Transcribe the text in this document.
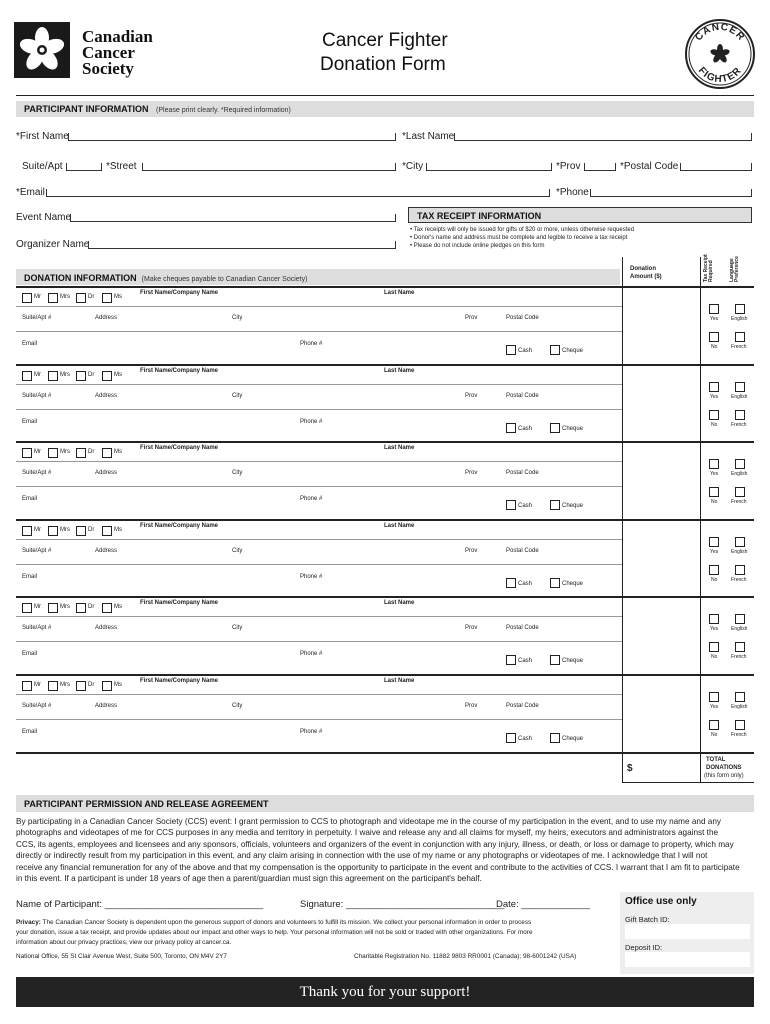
Canadian
Cancer
Society
Cancer Fighter
Donation Form
CANCER
FIGHTER
PARTICIPANT INFORMATION (Please print clearly. *Required information)
*First Name	*Last Name
Suite/Apt	*Street	*City	*Prov	*Postal Code
*Email	*Phone
Event Name
Organizer Name
TAX RECEIPT INFORMATION
• Tax receipts will only be issued for gifts of $20 or more, unless otherwise requested
• Donor's name and address must be complete and legible to receive a tax receipt
• Please do not include online pledges on this form
DONATION INFORMATION (Make cheques payable to Canadian Cancer Society)
Donation
Amount ($)	Tax Receipt Required	Language Preference
Mr	Mrs	Dr	Ms
First Name/Company Name	Last Name
Suite/Apt #	Address	City	Prov	Postal Code
Email	Phone #
Cash	Cheque
Yes	English
No	French
Mr	Mrs	Dr	Ms
First Name/Company Name	Last Name
Suite/Apt #	Address	City	Prov	Postal Code
Email	Phone #
Cash	Cheque
Yes	English
No	French
Mr	Mrs	Dr	Ms
First Name/Company Name	Last Name
Suite/Apt #	Address	City	Prov	Postal Code
Email	Phone #
Cash	Cheque
Yes	English
No	French
Mr	Mrs	Dr	Ms
First Name/Company Name	Last Name
Suite/Apt #	Address	City	Prov	Postal Code
Email	Phone #
Cash	Cheque
Yes	English
No	French
Mr	Mrs	Dr	Ms
First Name/Company Name	Last Name
Suite/Apt #	Address	City	Prov	Postal Code
Email	Phone #
Cash	Cheque
Yes	English
No	French
Mr	Mrs	Dr	Ms
First Name/Company Name	Last Name
Suite/Apt #	Address	City	Prov	Postal Code
Email	Phone #
Cash	Cheque
Yes	English
No	French
$
TOTAL
DONATIONS
(this form only)
PARTICIPANT PERMISSION AND RELEASE AGREEMENT
By participating in a Canadian Cancer Society (CCS) event: I grant permission to CCS to photograph and videotape me in the course of my participation in the event, and to use my name and any
photographs and videotapes of me for CCS purposes in any media and territory in perpetuity. I waive and release any and all claims for myself, my heirs, executors and administrators against the
CCS, its agents, employees and licensees and any sponsors, officials, volunteers and organizers of the event in conjunction with any injury, illness, or death, or loss or damage to property, which may
directly or indirectly result from my participation in this event, and any claim arising in connection with the use of my name or any photographs or videotapes of me. I acknowledge that I will not
receive any financial remuneration for any of the above and that my compensation is the opportunity to participate in the event and contribute to the activities of CCS. I warrant that I am fit to participate
in this event. If a participant is under 18 years of age then a parent/guardian must sign this agreement on the participant's behalf.
Name of Participant: ______________________________	Signature: ______________________________
Date: _____________
Privacy: The Canadian Cancer Society is dependent upon the generous support of donors and volunteers to fulfill its mission. We collect your personal information in order to process
your donation, issue a tax receipt, and provide updates about our impact and other ways to help. Your personal information will not be sold or traded with other organizations. For more
information about our privacy practices, view our privacy policy at cancer.ca.
National Office, 55 St Clair Avenue West, Suite 500, Toronto, ON M4V 2Y7	Charitable Registration No. 11882 9803 RR0001 (Canada); 98-6001242 (USA)
Office use only
Gift Batch ID:
Deposit ID:
Thank you for your support!
